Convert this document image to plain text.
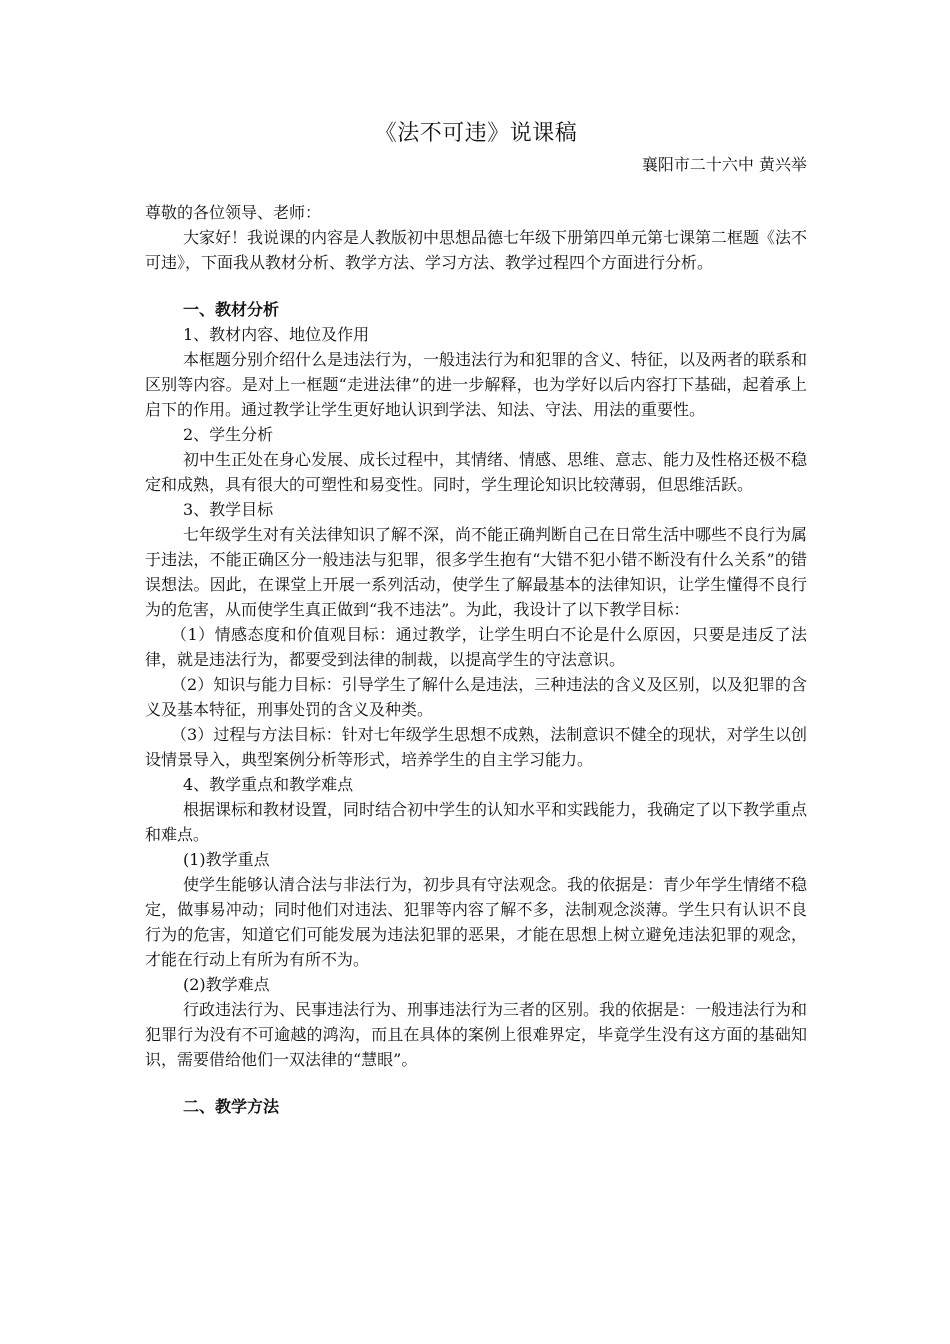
《法不可违》说课稿

襄阳市二十六中 黄兴举

尊敬的各位领导、老师：

大家好！我说课的内容是人教版初中思想品德七年级下册第四单元第七课第二框题《法不可违》，下面我从教材分析、教学方法、学习方法、教学过程四个方面进行分析。

一、教材分析

1、教材内容、地位及作用

本框题分别介绍什么是违法行为，一般违法行为和犯罪的含义、特征，以及两者的联系和区别等内容。是对上一框题“走进法律”的进一步解释，也为学好以后内容打下基础，起着承上启下的作用。通过教学让学生更好地认识到学法、知法、守法、用法的重要性。

2、学生分析

初中生正处在身心发展、成长过程中，其情绪、情感、思维、意志、能力及性格还极不稳定和成熟，具有很大的可塑性和易变性。同时，学生理论知识比较薄弱，但思维活跃。

3、教学目标

七年级学生对有关法律知识了解不深，尚不能正确判断自己在日常生活中哪些不良行为属于违法，不能正确区分一般违法与犯罪，很多学生抱有“大错不犯小错不断没有什么关系”的错误想法。因此，在课堂上开展一系列活动，使学生了解最基本的法律知识，让学生懂得不良行为的危害，从而使学生真正做到“我不违法”。为此，我设计了以下教学目标：

（1）情感态度和价值观目标：通过教学，让学生明白不论是什么原因，只要是违反了法律，就是违法行为，都要受到法律的制裁，以提高学生的守法意识。

（2）知识与能力目标：引导学生了解什么是违法，三种违法的含义及区别，以及犯罪的含义及基本特征，刑事处罚的含义及种类。

（3）过程与方法目标：针对七年级学生思想不成熟，法制意识不健全的现状，对学生以创设情景导入，典型案例分析等形式，培养学生的自主学习能力。

4、教学重点和教学难点

根据课标和教材设置，同时结合初中学生的认知水平和实践能力，我确定了以下教学重点和难点。

(1)教学重点

使学生能够认清合法与非法行为，初步具有守法观念。我的依据是：青少年学生情绪不稳定，做事易冲动；同时他们对违法、犯罪等内容了解不多，法制观念淡薄。学生只有认识不良行为的危害，知道它们可能发展为违法犯罪的恶果，才能在思想上树立避免违法犯罪的观念，才能在行动上有所为有所不为。

(2)教学难点

行政违法行为、民事违法行为、刑事违法行为三者的区别。我的依据是：一般违法行为和犯罪行为没有不可逾越的鸿沟，而且在具体的案例上很难界定，毕竟学生没有这方面的基础知识，需要借给他们一双法律的“慧眼”。

二、教学方法
